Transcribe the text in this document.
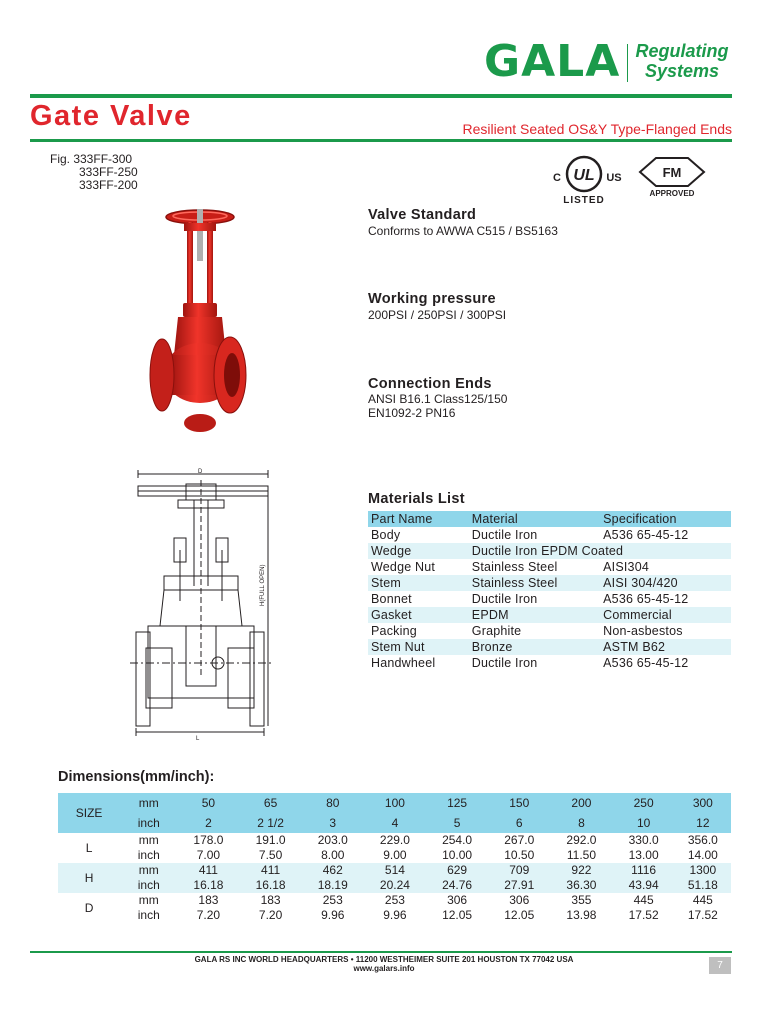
GALA Regulating
Systems
Gate Valve	Resilient Seated OS&Y Type-Flanged Ends
Fig. 333FF-300
333FF-250
333FF-200
UL
C	US
LISTED
FM
APPROVED
Valve Standard
Conforms to AWWA C515 / BS5163
Working pressure
200PSI / 250PSI / 300PSI
Connection Ends
ANSI B16.1 Class125/150
EN1092-2 PN16
D
L
H(FULL OPEN)
Materials List
Part Name	Material	Specification
Body	Ductile Iron	A536 65-45-12
Wedge	Ductile Iron EPDM Coated	
Wedge Nut	Stainless Steel	AISI304
Stem	Stainless Steel	AISI 304/420
Bonnet	Ductile Iron	A536 65-45-12
Gasket	EPDM	Commercial
Packing	Graphite	Non-asbestos
Stem Nut	Bronze	ASTM B62
Handwheel	Ductile Iron	A536 65-45-12
Dimensions(mm/inch):
SIZE	mm	50	65	80	100	125	150	200	250	300
	inch	2	2 1/2	3	4	5	6	8	10	12
L	mm	178.0	191.0	203.0	229.0	254.0	267.0	292.0	330.0	356.0
	inch	7.00	7.50	8.00	9.00	10.00	10.50	11.50	13.00	14.00
H	mm	411	411	462	514	629	709	922	1116	1300
	inch	16.18	16.18	18.19	20.24	24.76	27.91	36.30	43.94	51.18
D	mm	183	183	253	253	306	306	355	445	445
	inch	7.20	7.20	9.96	9.96	12.05	12.05	13.98	17.52	17.52
GALA RS INC WORLD HEADQUARTERS • 11200 WESTHEIMER SUITE 201 HOUSTON TX 77042 USA
www.galars.info	7
